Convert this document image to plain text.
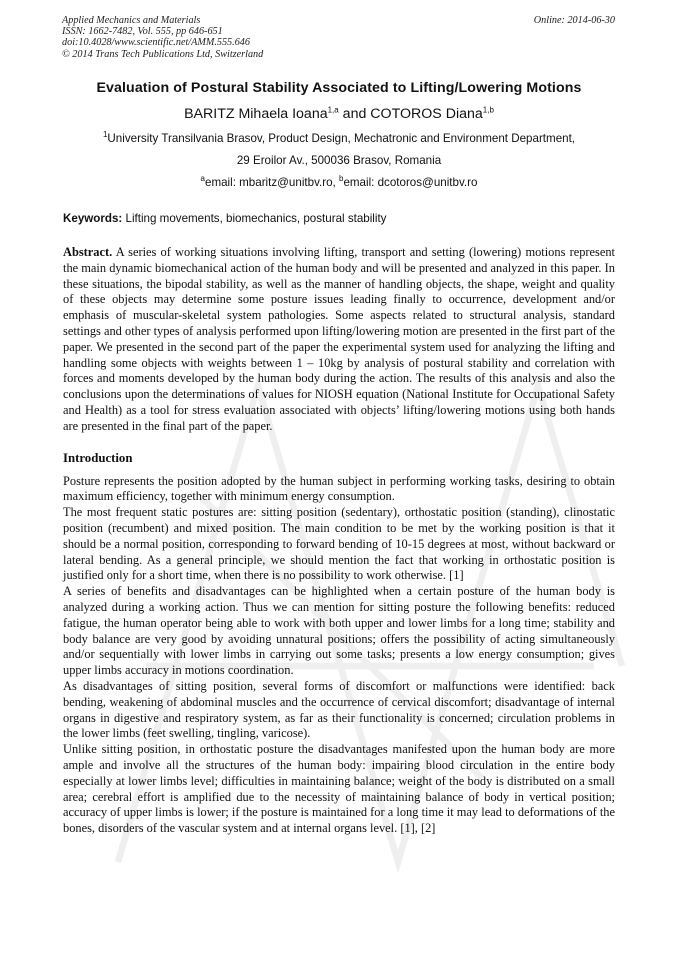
Applied Mechanics and Materials
ISSN: 1662-7482, Vol. 555, pp 646-651
doi:10.4028/www.scientific.net/AMM.555.646
© 2014 Trans Tech Publications Ltd, Switzerland
Online: 2014-06-30
Evaluation of Postural Stability Associated to Lifting/Lowering Motions
BARITZ Mihaela Ioana$^{1,a}$ and COTOROS Diana$^{1,b}$
$^1$University Transilvania Brasov, Product Design, Mechatronic and Environment Department,
29 Eroilor Av., 500036 Brasov, Romania
$^a$email: mbaritz@unitbv.ro, $^b$email: dcotoros@unitbv.ro
Keywords: Lifting movements, biomechanics, postural stability

Abstract. A series of working situations involving lifting, transport and setting (lowering) motions represent the main dynamic biomechanical action of the human body and will be presented and analyzed in this paper. In these situations, the bipodal stability, as well as the manner of handling objects, the shape, weight and quality of these objects may determine some posture issues leading finally to occurrence, development and/or emphasis of muscular-skeletal system pathologies. Some aspects related to structural analysis, standard settings and other types of analysis performed upon lifting/lowering motion are presented in the first part of the paper. We presented in the second part of the paper the experimental system used for analyzing the lifting and handling some objects with weights between 1 – 10kg by analysis of postural stability and correlation with forces and moments developed by the human body during the action. The results of this analysis and also the conclusions upon the determinations of values for NIOSH equation (National Institute for Occupational Safety and Health) as a tool for stress evaluation associated with objects’ lifting/lowering motions using both hands are presented in the final part of the paper.

Introduction

Posture represents the position adopted by the human subject in performing working tasks, desiring to obtain maximum efficiency, together with minimum energy consumption.

The most frequent static postures are: sitting position (sedentary), orthostatic position (standing), clinostatic position (recumbent) and mixed position. The main condition to be met by the working position is that it should be a normal position, corresponding to forward bending of 10-15 degrees at most, without backward or lateral bending. As a general principle, we should mention the fact that working in orthostatic position is justified only for a short time, when there is no possibility to work otherwise. [1]

A series of benefits and disadvantages can be highlighted when a certain posture of the human body is analyzed during a working action. Thus we can mention for sitting posture the following benefits: reduced fatigue, the human operator being able to work with both upper and lower limbs for a long time; stability and body balance are very good by avoiding unnatural positions; offers the possibility of acting simultaneously and/or sequentially with lower limbs in carrying out some tasks; presents a low energy consumption; gives upper limbs accuracy in motions coordination.

As disadvantages of sitting position, several forms of discomfort or malfunctions were identified: back bending, weakening of abdominal muscles and the occurrence of cervical discomfort; disadvantage of internal organs in digestive and respiratory system, as far as their functionality is concerned; circulation problems in the lower limbs (feet swelling, tingling, varicose).

Unlike sitting position, in orthostatic posture the disadvantages manifested upon the human body are more ample and involve all the structures of the human body: impairing blood circulation in the entire body especially at lower limbs level; difficulties in maintaining balance; weight of the body is distributed on a small area; cerebral effort is amplified due to the necessity of maintaining balance of body in vertical position; accuracy of upper limbs is lower; if the posture is maintained for a long time it may lead to deformations of the bones, disorders of the vascular system and at internal organs level. [1], [2]
